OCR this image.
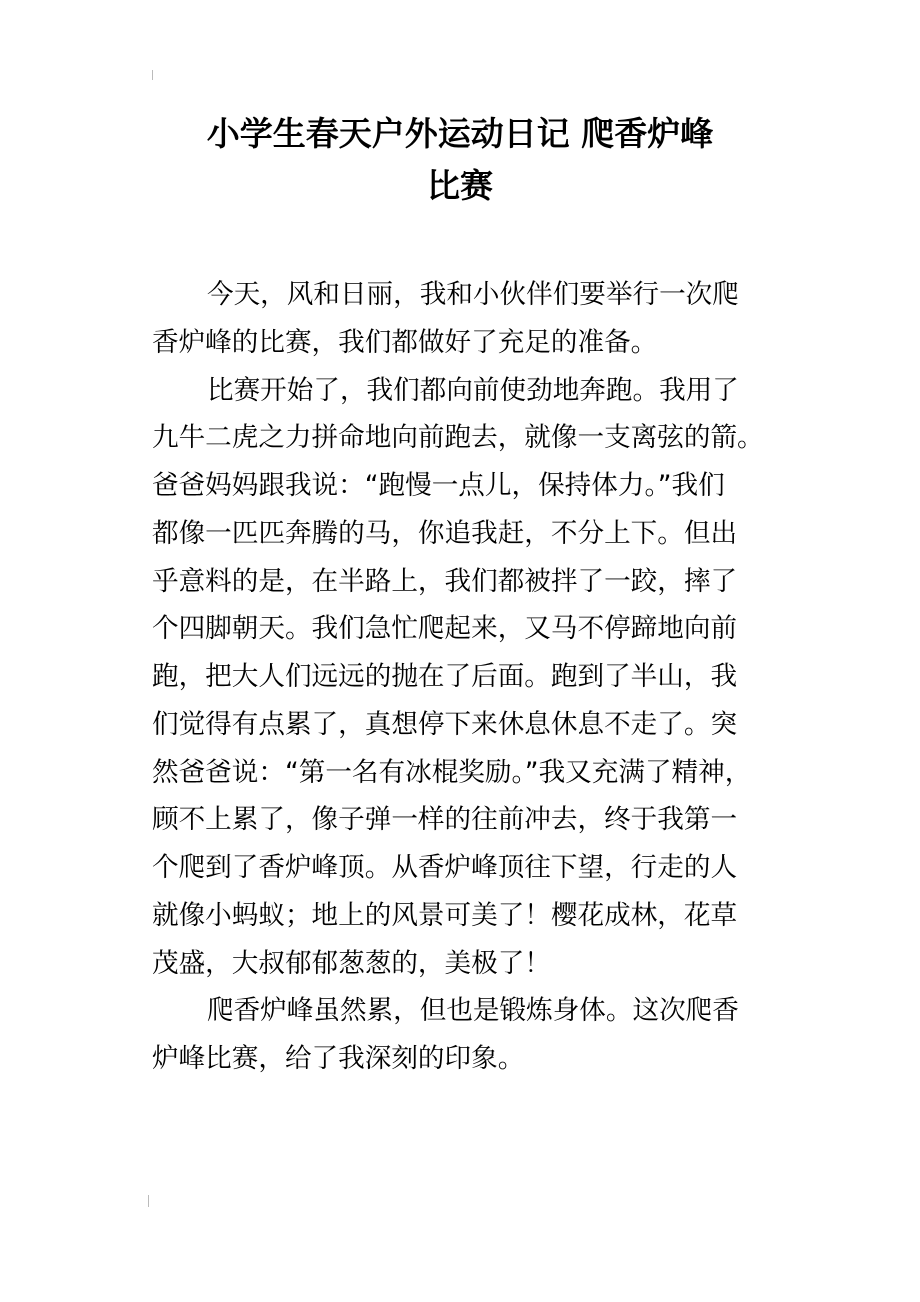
小学生春天户外运动日记 爬香炉峰
比赛
今天，风和日丽，我和小伙伴们要举行一次爬
香炉峰的比赛，我们都做好了充足的准备。
比赛开始了，我们都向前使劲地奔跑。我用了
九牛二虎之力拼命地向前跑去，就像一支离弦的箭。
爸爸妈妈跟我说：“跑慢一点儿，保持体力。”我们
都像一匹匹奔腾的马，你追我赶，不分上下。但出
乎意料的是，在半路上，我们都被拌了一跤，摔了
个四脚朝天。我们急忙爬起来，又马不停蹄地向前
跑，把大人们远远的抛在了后面。跑到了半山，我
们觉得有点累了，真想停下来休息休息不走了。突
然爸爸说：“第一名有冰棍奖励。”我又充满了精神，
顾不上累了，像子弹一样的往前冲去，终于我第一
个爬到了香炉峰顶。从香炉峰顶往下望，行走的人
就像小蚂蚁；地上的风景可美了！樱花成林，花草
茂盛，大叔郁郁葱葱的，美极了！
爬香炉峰虽然累，但也是锻炼身体。这次爬香
炉峰比赛，给了我深刻的印象。
